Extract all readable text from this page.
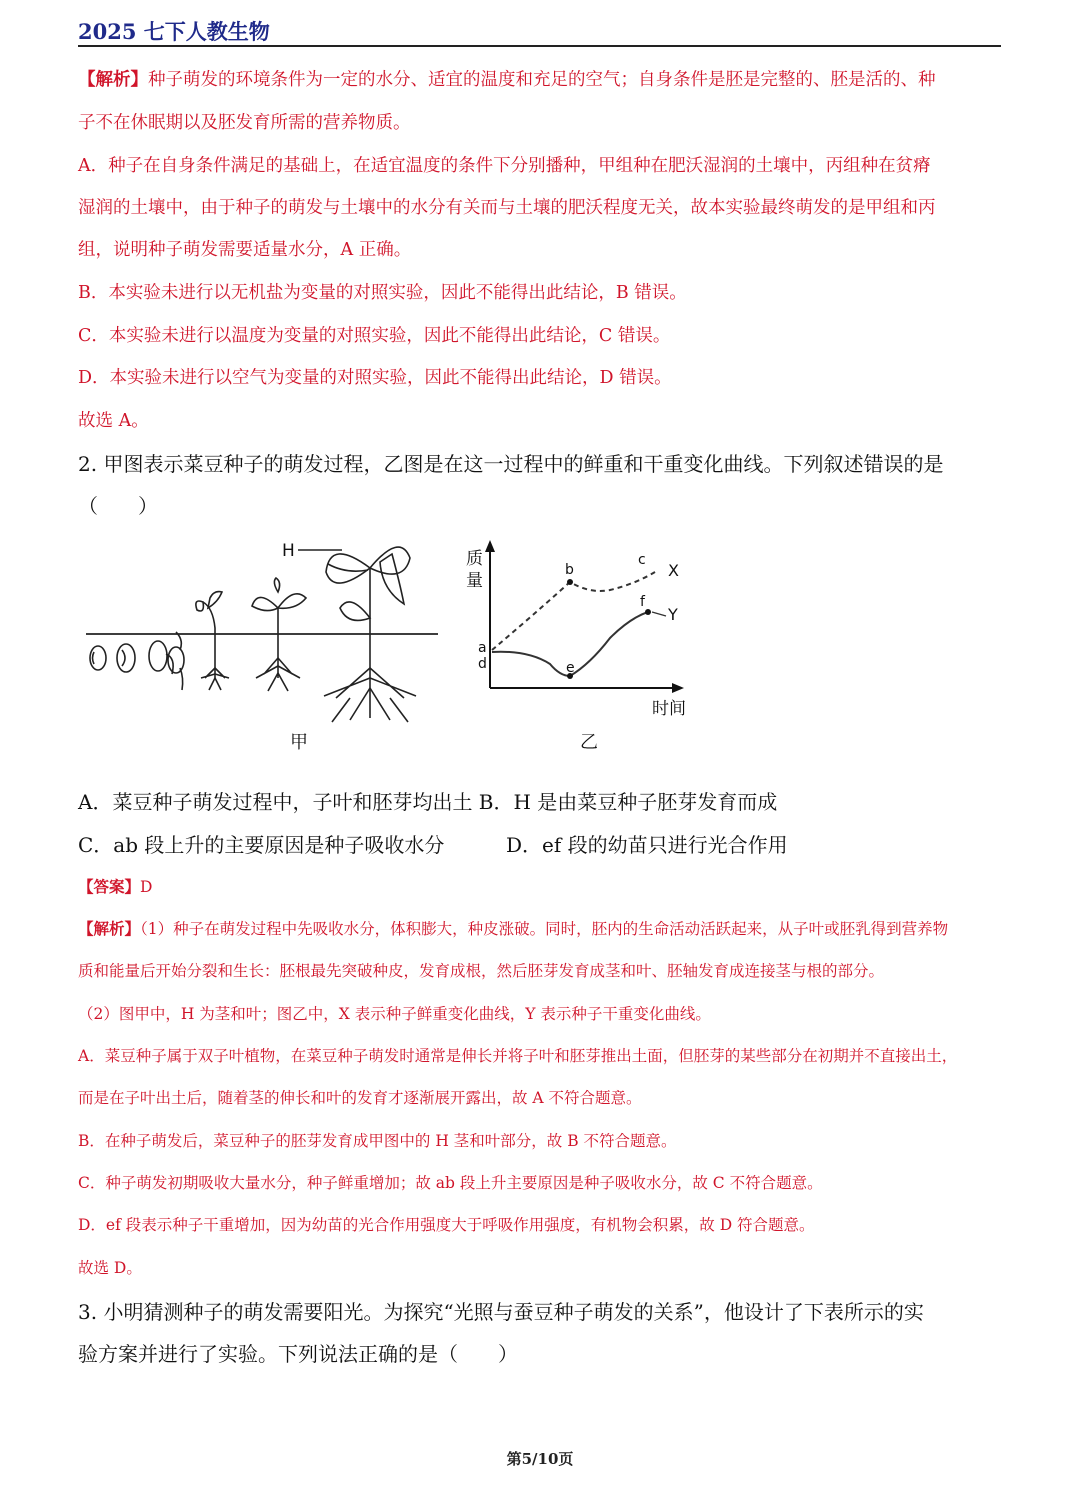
2025 七下人教生物
【解析】种子萌发的环境条件为一定的水分、适宜的温度和充足的空气；自身条件是胚是完整的、胚是活的、种
子不在休眠期以及胚发育所需的营养物质。
A．种子在自身条件满足的基础上，在适宜温度的条件下分别播种，甲组种在肥沃湿润的土壤中，丙组种在贫瘠
湿润的土壤中，由于种子的萌发与土壤中的水分有关而与土壤的肥沃程度无关，故本实验最终萌发的是甲组和丙
组，说明种子萌发需要适量水分，A 正确。
B．本实验未进行以无机盐为变量的对照实验，因此不能得出此结论，B 错误。
C．本实验未进行以温度为变量的对照实验，因此不能得出此结论，C 错误。
D．本实验未进行以空气为变量的对照实验，因此不能得出此结论，D 错误。
故选 A。
2. 甲图表示菜豆种子的萌发过程，乙图是在这一过程中的鲜重和干重变化曲线。下列叙述错误的是
（　　）
H
甲
质
量
时间
a
d
b
c
e
f
X
Y
乙
A．菜豆种子萌发过程中，子叶和胚芽均出土 B．H 是由菜豆种子胚芽发育而成
C．ab 段上升的主要原因是种子吸收水分	D．ef 段的幼苗只进行光合作用
【答案】D
【解析】（1）种子在萌发过程中先吸收水分，体积膨大，种皮涨破。同时，胚内的生命活动活跃起来，从子叶或胚乳得到营养物
质和能量后开始分裂和生长：胚根最先突破种皮，发育成根，然后胚芽发育成茎和叶、胚轴发育成连接茎与根的部分。
（2）图甲中，H 为茎和叶；图乙中，X 表示种子鲜重变化曲线，Y 表示种子干重变化曲线。
A．菜豆种子属于双子叶植物，在菜豆种子萌发时通常是伸长并将子叶和胚芽推出土面，但胚芽的某些部分在初期并不直接出土，
而是在子叶出土后，随着茎的伸长和叶的发育才逐渐展开露出，故 A 不符合题意。
B．在种子萌发后，菜豆种子的胚芽发育成甲图中的 H 茎和叶部分，故 B 不符合题意。
C．种子萌发初期吸收大量水分，种子鲜重增加；故 ab 段上升主要原因是种子吸收水分，故 C 不符合题意。
D．ef 段表示种子干重增加，因为幼苗的光合作用强度大于呼吸作用强度，有机物会积累，故 D 符合题意。
故选 D。
3. 小明猜测种子的萌发需要阳光。为探究“光照与蚕豆种子萌发的关系”，他设计了下表所示的实
验方案并进行了实验。下列说法正确的是（　　）
第5/10页
